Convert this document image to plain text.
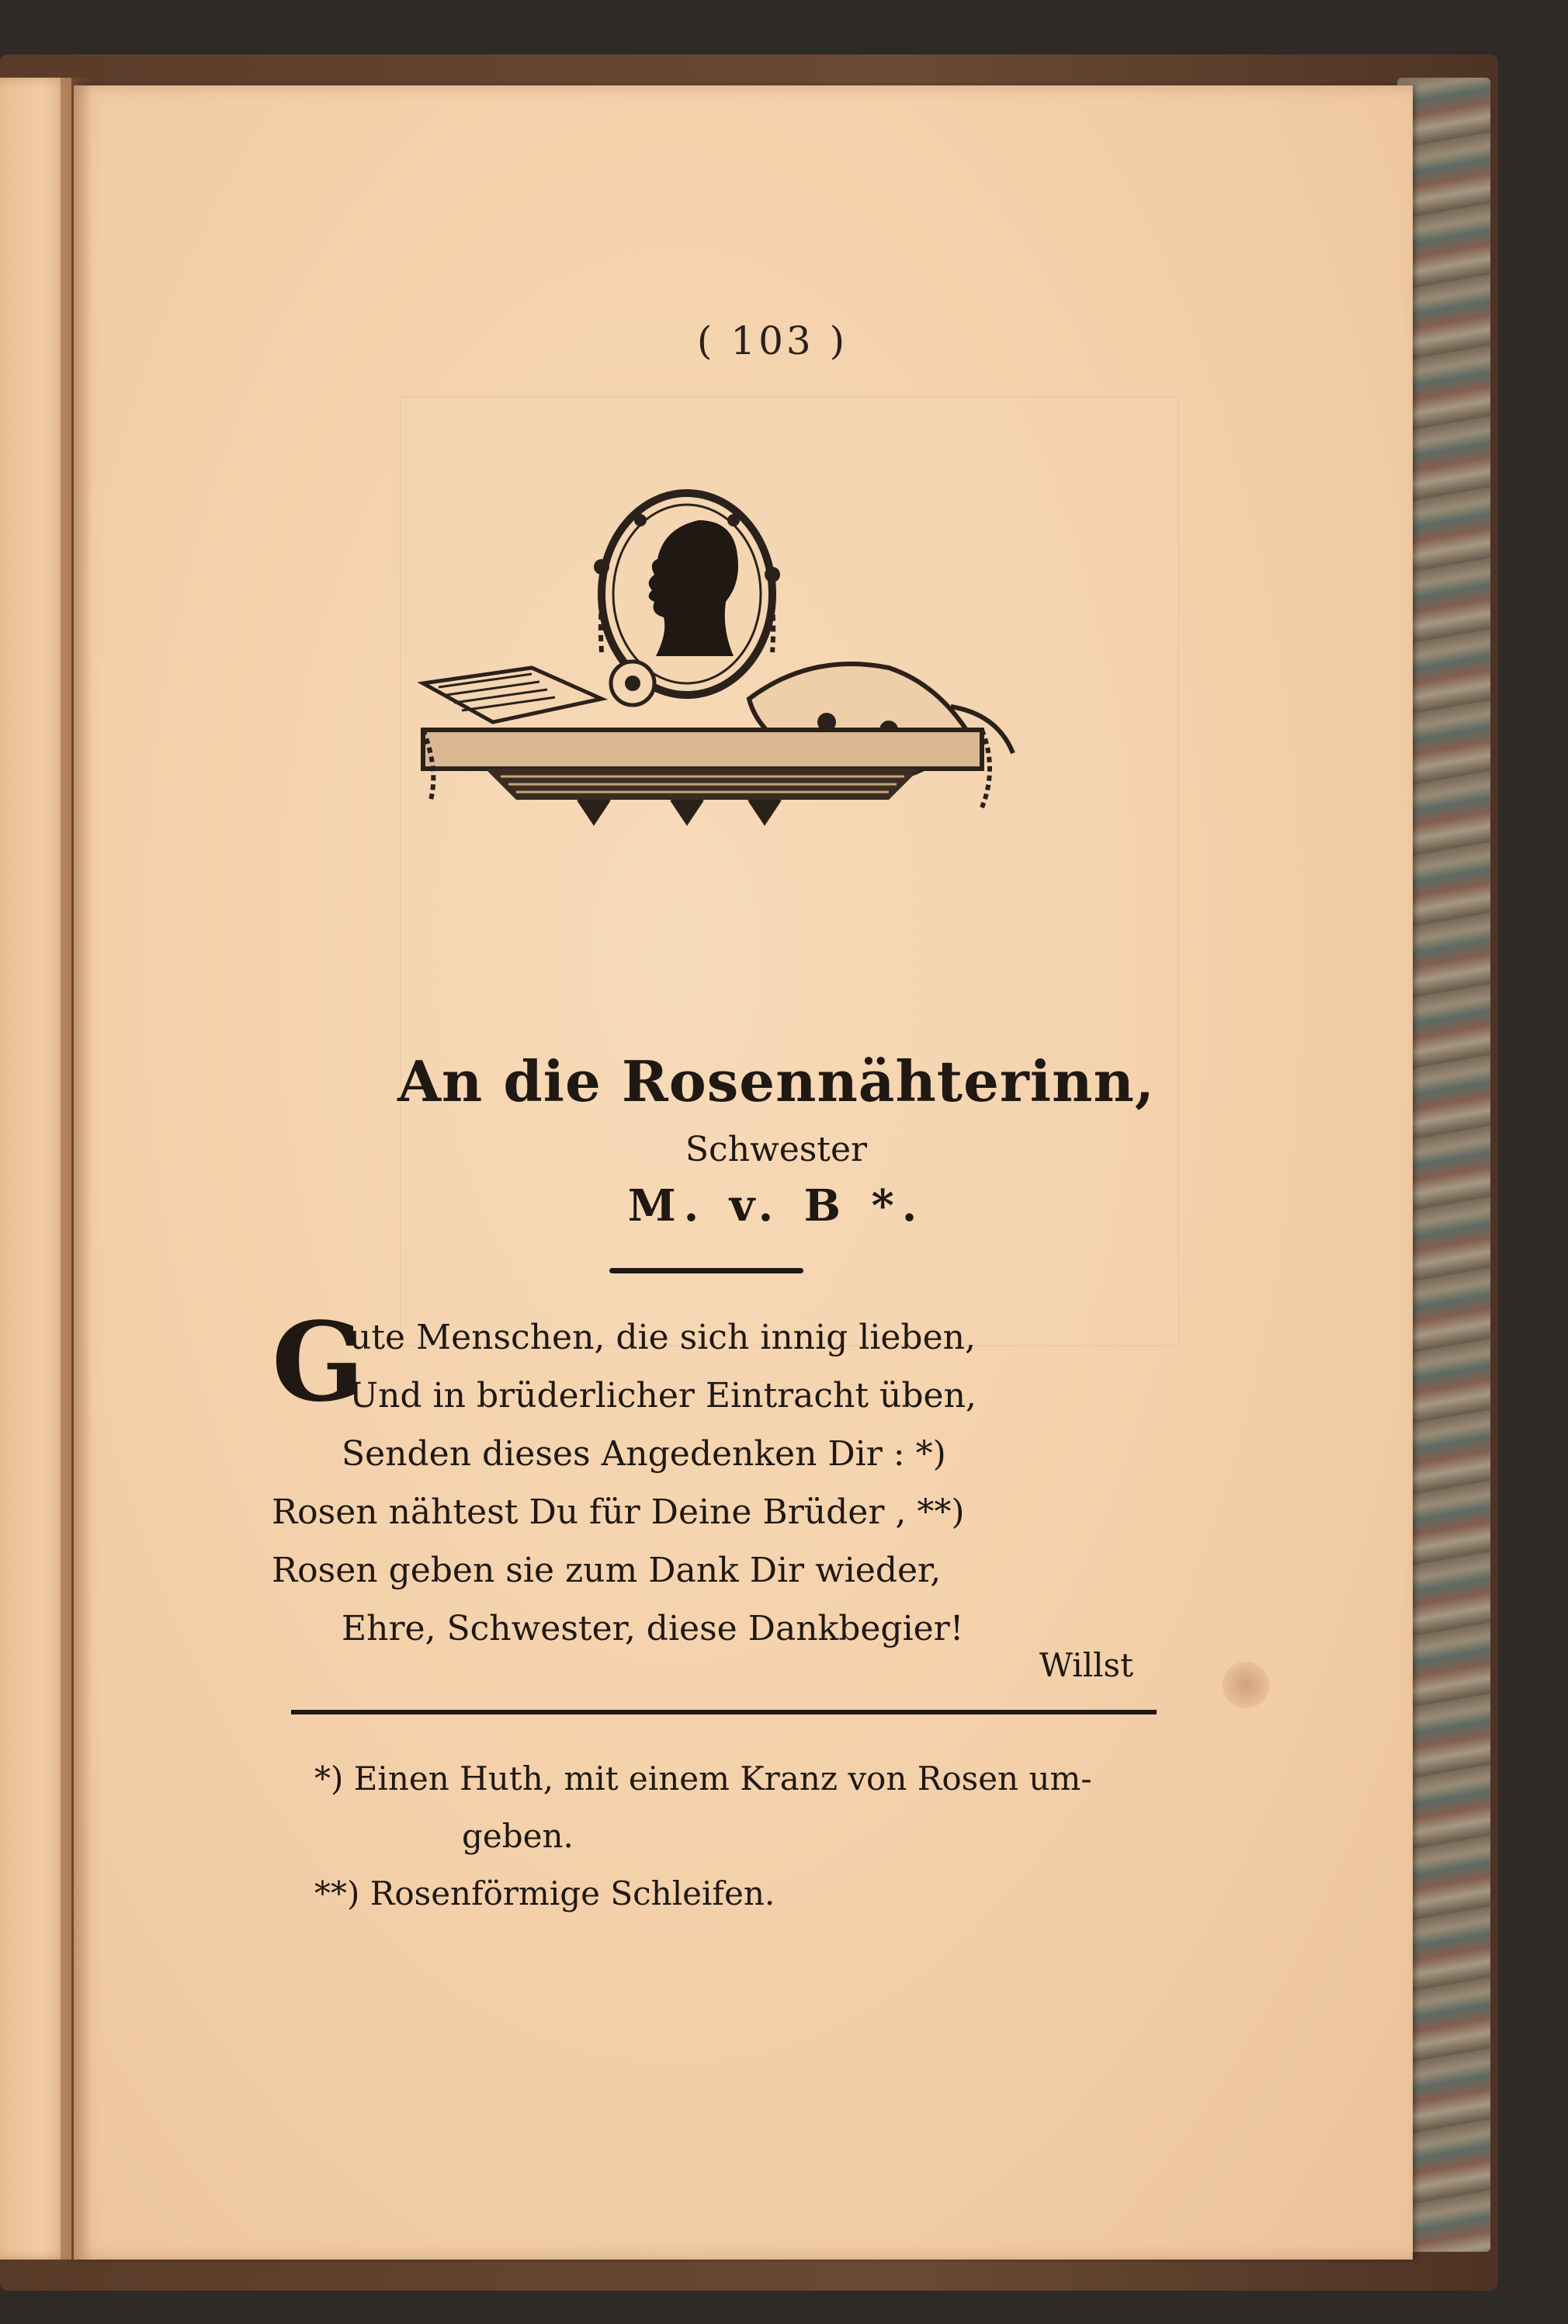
( 103 )
An die Rosennähterinn,
Schwester
M. v. B *.
G
ute Menschen, die sich innig lieben,
Und in brüderlicher Eintracht üben,
Senden dieses Angedenken Dir : *)
Rosen nähtest Du für Deine Brüder , **)
Rosen geben sie zum Dank Dir wieder,
Ehre, Schwester, diese Dankbegier!
Willst
*) Einen Huth, mit einem Kranz von Rosen um-
geben.
**) Rosenförmige Schleifen.
